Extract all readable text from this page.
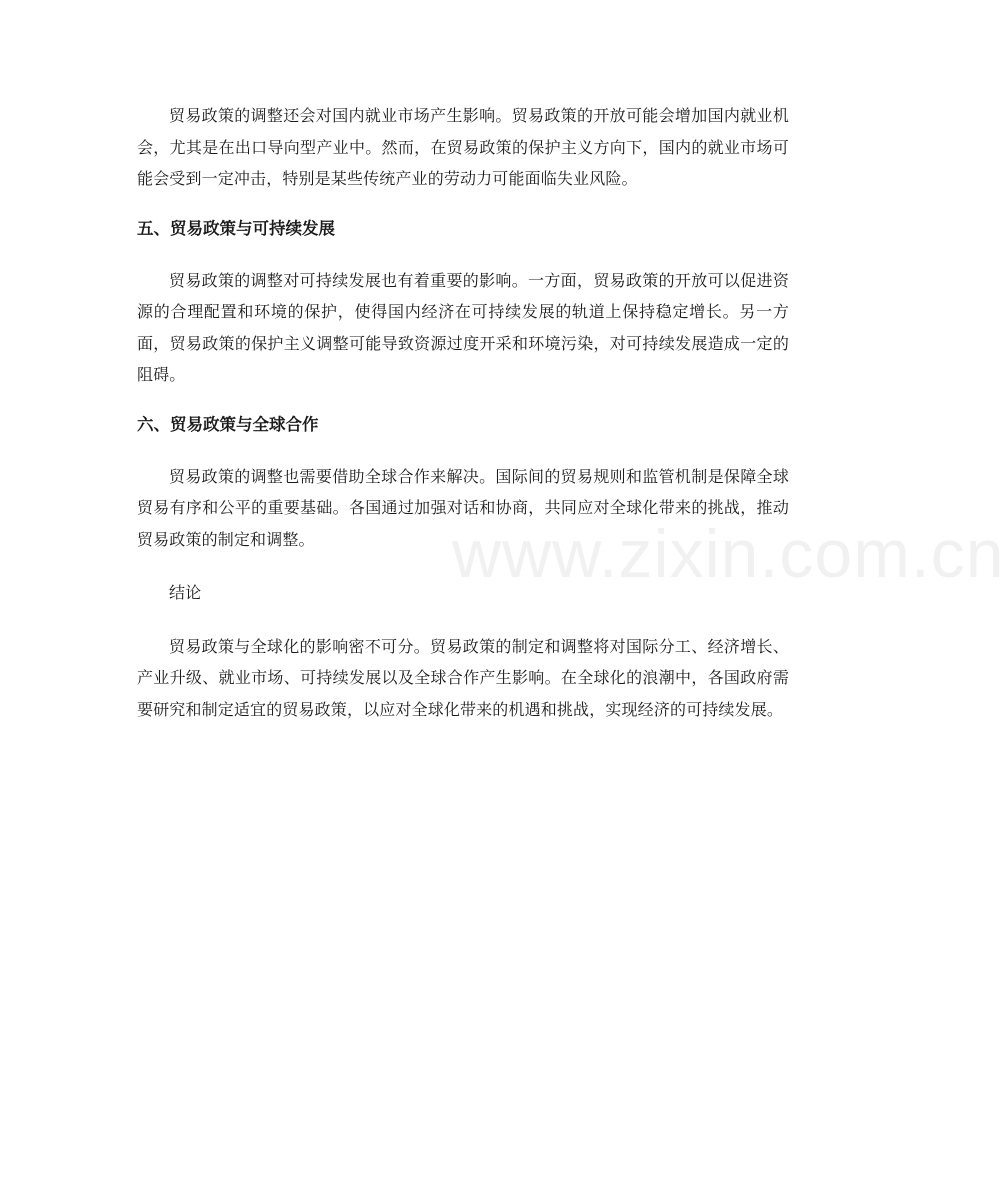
贸易政策的调整还会对国内就业市场产生影响。贸易政策的开放可能会增加国内就业机会，尤其是在出口导向型产业中。然而，在贸易政策的保护主义方向下，国内的就业市场可能会受到一定冲击，特别是某些传统产业的劳动力可能面临失业风险。

五、贸易政策与可持续发展

贸易政策的调整对可持续发展也有着重要的影响。一方面，贸易政策的开放可以促进资源的合理配置和环境的保护，使得国内经济在可持续发展的轨道上保持稳定增长。另一方面，贸易政策的保护主义调整可能导致资源过度开采和环境污染，对可持续发展造成一定的阻碍。

六、贸易政策与全球合作

贸易政策的调整也需要借助全球合作来解决。国际间的贸易规则和监管机制是保障全球贸易有序和公平的重要基础。各国通过加强对话和协商，共同应对全球化带来的挑战，推动贸易政策的制定和调整。

结论

贸易政策与全球化的影响密不可分。贸易政策的制定和调整将对国际分工、经济增长、产业升级、就业市场、可持续发展以及全球合作产生影响。在全球化的浪潮中，各国政府需要研究和制定适宜的贸易政策，以应对全球化带来的机遇和挑战，实现经济的可持续发展。

www.zixin.com.cn
